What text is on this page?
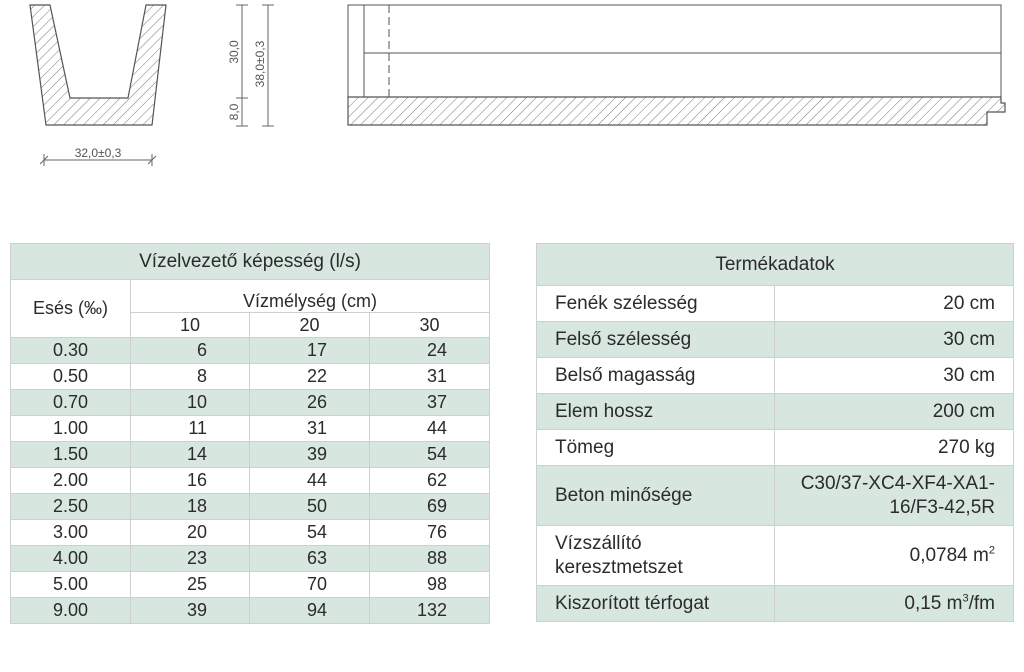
32,0±0,3
30,0
8,0
38,0±0,3
Vízelvezető képesség (l/s)			
Esés (‰)	Vízmélység (cm)		
	10	20	30
0.30	6	17	24
0.50	8	22	31
0.70	10	26	37
1.00	11	31	44
1.50	14	39	54
2.00	16	44	62
2.50	18	50	69
3.00	20	54	76
4.00	23	63	88
5.00	25	70	98
9.00	39	94	132
Termékadatok	
Fenék szélesség	20 cm
Felső szélesség	30 cm
Belső magasság	30 cm
Elem hossz	200 cm
Tömeg	270 kg
Beton minősége	C30/37-XC4-XF4-XA1-
16/F3-42,5R
Vízszállító
keresztmetszet	0,0784 $m^2$
Kiszorított térfogat	0,15 $m^3/fm$
